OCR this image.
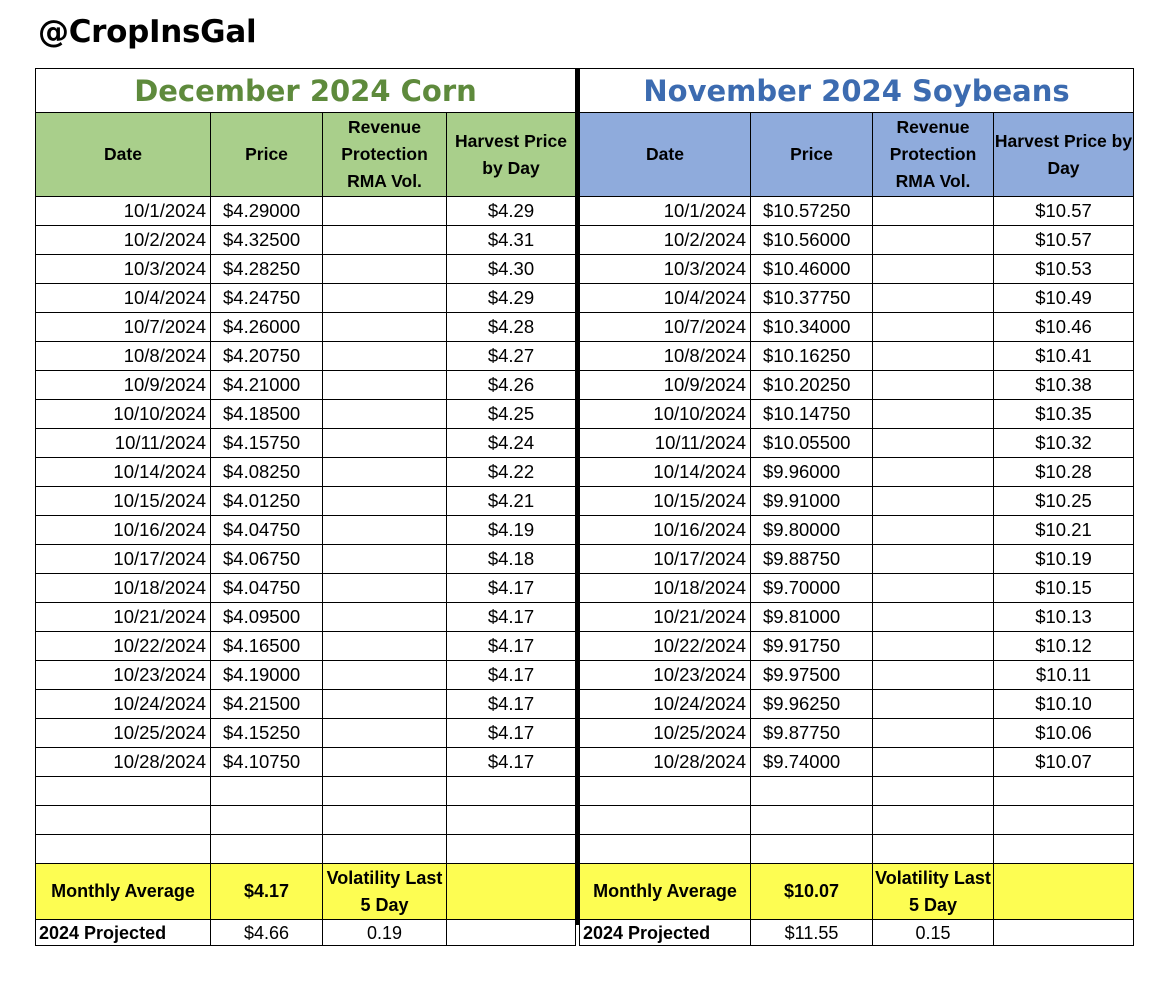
@CropInsGal
December 2024 Corn			
Date	Price	Revenue Protection RMA Vol.	Harvest Price by Day
10/1/2024	$4.29000		$4.29
10/2/2024	$4.32500		$4.31
10/3/2024	$4.28250		$4.30
10/4/2024	$4.24750		$4.29
10/7/2024	$4.26000		$4.28
10/8/2024	$4.20750		$4.27
10/9/2024	$4.21000		$4.26
10/10/2024	$4.18500		$4.25
10/11/2024	$4.15750		$4.24
10/14/2024	$4.08250		$4.22
10/15/2024	$4.01250		$4.21
10/16/2024	$4.04750		$4.19
10/17/2024	$4.06750		$4.18
10/18/2024	$4.04750		$4.17
10/21/2024	$4.09500		$4.17
10/22/2024	$4.16500		$4.17
10/23/2024	$4.19000		$4.17
10/24/2024	$4.21500		$4.17
10/25/2024	$4.15250		$4.17
10/28/2024	$4.10750		$4.17

Monthly Average	$4.17	Volatility Last 5 Day	
2024 Projected	$4.66	0.19	
November 2024 Soybeans			
Date	Price	Revenue Protection RMA Vol.	Harvest Price by Day
10/1/2024	$10.57250		$10.57
10/2/2024	$10.56000		$10.57
10/3/2024	$10.46000		$10.53
10/4/2024	$10.37750		$10.49
10/7/2024	$10.34000		$10.46
10/8/2024	$10.16250		$10.41
10/9/2024	$10.20250		$10.38
10/10/2024	$10.14750		$10.35
10/11/2024	$10.05500		$10.32
10/14/2024	$9.96000		$10.28
10/15/2024	$9.91000		$10.25
10/16/2024	$9.80000		$10.21
10/17/2024	$9.88750		$10.19
10/18/2024	$9.70000		$10.15
10/21/2024	$9.81000		$10.13
10/22/2024	$9.91750		$10.12
10/23/2024	$9.97500		$10.11
10/24/2024	$9.96250		$10.10
10/25/2024	$9.87750		$10.06
10/28/2024	$9.74000		$10.07

Monthly Average	$10.07	Volatility Last 5 Day	
2024 Projected	$11.55	0.15	
